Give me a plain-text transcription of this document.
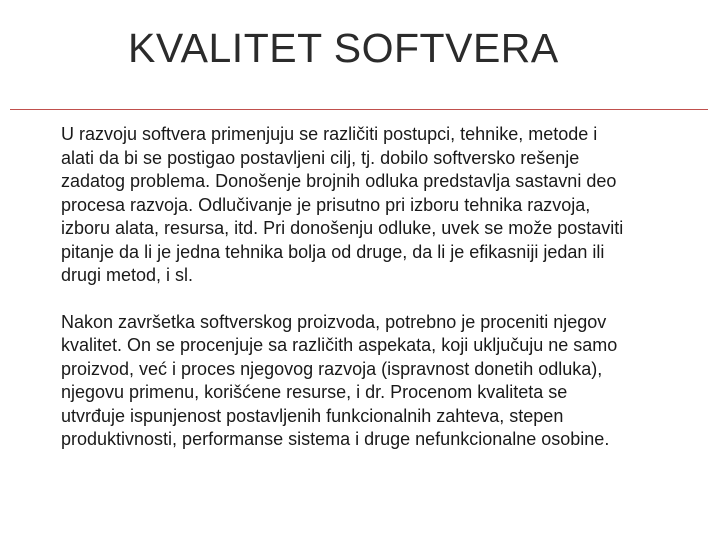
KVALITET SOFTVERA

U razvoju softvera primenjuju se različiti postupci, tehnike, metode i
alati da bi se postigao postavljeni cilj, tj. dobilo softversko rešenje
zadatog problema. Donošenje brojnih odluka predstavlja sastavni deo
procesa razvoja. Odlučivanje je prisutno pri izboru tehnika razvoja,
izboru alata, resursa, itd. Pri donošenju odluke, uvek se može postaviti
pitanje da li je jedna tehnika bolja od druge, da li je efikasniji jedan ili
drugi metod, i sl.

Nakon završetka softverskog proizvoda, potrebno je proceniti njegov
kvalitet. On se procenjuje sa različith aspekata, koji uključuju ne samo
proizvod, već i proces njegovog razvoja (ispravnost donetih odluka),
njegovu primenu, korišćene resurse, i dr. Procenom kvaliteta se
utvrđuje ispunjenost postavljenih funkcionalnih zahteva, stepen
produktivnosti, performanse sistema i druge nefunkcionalne osobine.
